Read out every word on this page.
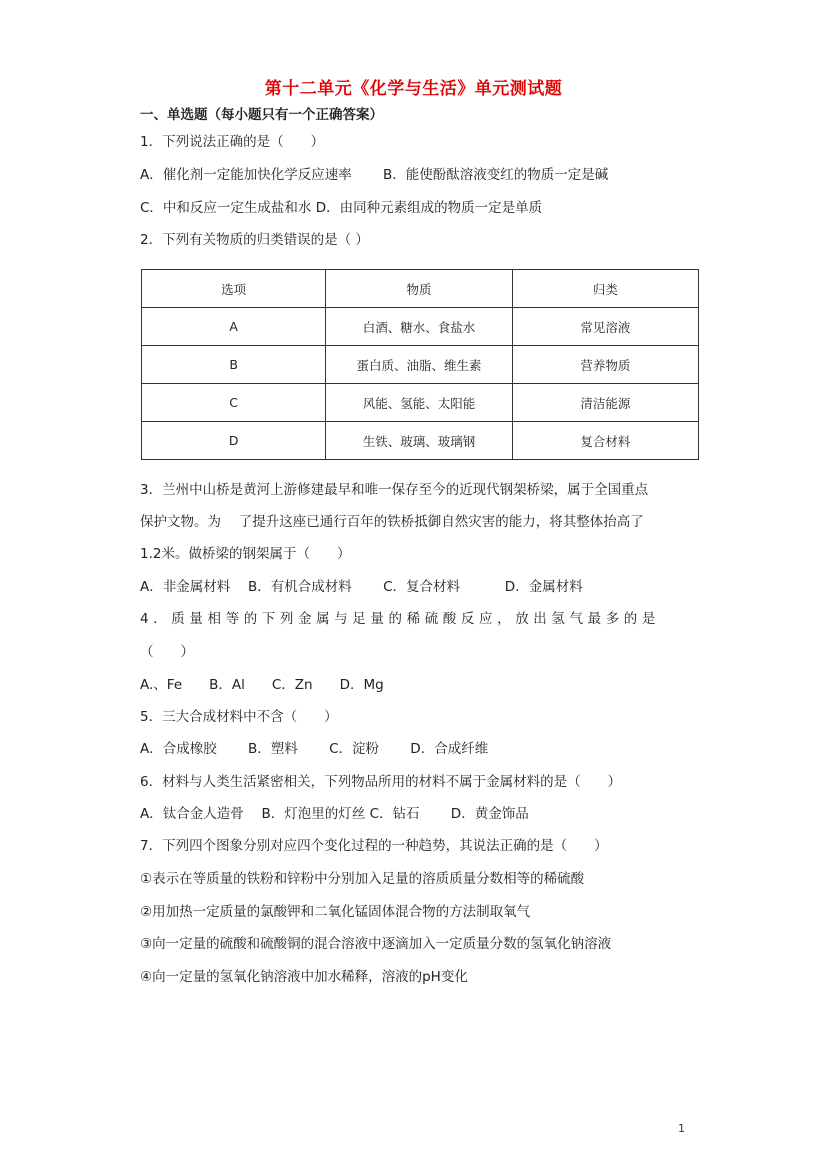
第十二单元《化学与生活》单元测试题
一、单选题（每小题只有一个正确答案）
1．下列说法正确的是（　　）
A．催化剂一定能加快化学反应速率　　 B．能使酚酞溶液变红的物质一定是碱
C．中和反应一定生成盐和水 D．由同种元素组成的物质一定是单质
2．下列有关物质的归类错误的是（ ）
选项	物质	归类
A	白酒、糖水、食盐水	常见溶液
B	蛋白质、油脂、维生素	营养物质
C	风能、氢能、太阳能	清洁能源
D	生铁、玻璃、玻璃钢	复合材料
3．兰州中山桥是黄河上游修建最早和唯一保存至今的近现代钢架桥梁，属于全国重点
保护文物。为　 了提升这座已通行百年的铁桥抵御自然灾害的能力，将其整体抬高了
1.2米。做桥梁的钢架属于（　　）
A．非金属材料　 B．有机合成材料　　 C．复合材料　　　 D．金属材料
4．质量相等的下列金属与足量的稀硫酸反应，放出氢气最多的是
（　　）
A.、Fe　　B．Al　　C．Zn　　D．Mg
5．三大合成材料中不含（　　）
A．合成橡胶　　 B．塑料　　 C．淀粉　　 D．合成纤维
6．材料与人类生活紧密相关，下列物品所用的材料不属于金属材料的是（　　）
A．钛合金人造骨　 B．灯泡里的灯丝 C．钻石　　 D．黄金饰品
7．下列四个图象分别对应四个变化过程的一种趋势，其说法正确的是（　　）
①表示在等质量的铁粉和锌粉中分别加入足量的溶质质量分数相等的稀硫酸
②用加热一定质量的氯酸钾和二氧化锰固体混合物的方法制取氧气
③向一定量的硫酸和硫酸铜的混合溶液中逐滴加入一定质量分数的氢氧化钠溶液
④向一定量的氢氧化钠溶液中加水稀释，溶液的pH变化
1
